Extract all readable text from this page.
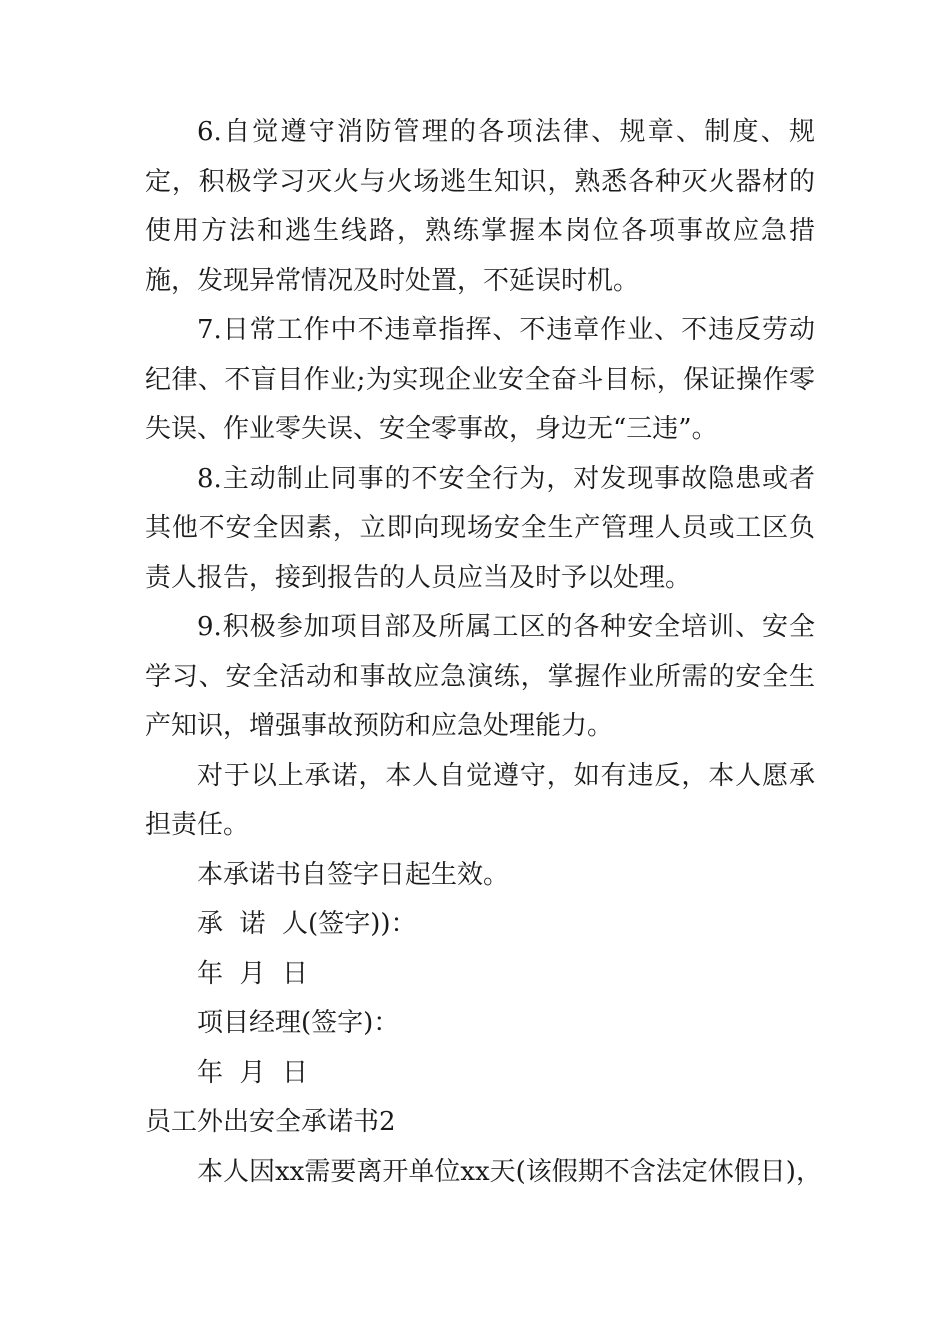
6.自觉遵守消防管理的各项法律、规章、制度、规定，积极学习灭火与火场逃生知识，熟悉各种灭火器材的使用方法和逃生线路，熟练掌握本岗位各项事故应急措施，发现异常情况及时处置，不延误时机。

7.日常工作中不违章指挥、不违章作业、不违反劳动纪律、不盲目作业;为实现企业安全奋斗目标，保证操作零失误、作业零失误、安全零事故，身边无“三违”。

8.主动制止同事的不安全行为，对发现事故隐患或者其他不安全因素，立即向现场安全生产管理人员或工区负责人报告，接到报告的人员应当及时予以处理。

9.积极参加项目部及所属工区的各种安全培训、安全学习、安全活动和事故应急演练，掌握作业所需的安全生产知识，增强事故预防和应急处理能力。

对于以上承诺，本人自觉遵守，如有违反，本人愿承担责任。

本承诺书自签字日起生效。

承  诺  人(签字))：

年  月  日

项目经理(签字)：

年  月  日

员工外出安全承诺书2

本人因xx需要离开单位xx天(该假期不含法定休假日)，
